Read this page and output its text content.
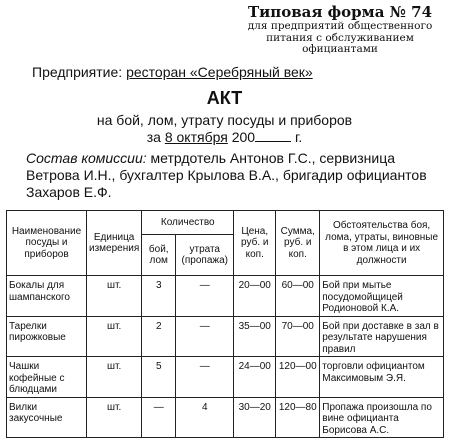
Типовая форма № 74
для предприятий общественного
питания с обслуживанием
официантами
Предприятие: ресторан «Серебряный век»
АКТ
на бой, лом, утрату посуды и приборов
за 8 октября 200	г.
Состав комиссии: метрдотель Антонов Г.С., сервизница Ветрова И.Н., бухгалтер Крылова В.А., бригадир официантов Захаров Е.Ф.
Наименование посуды и приборов	Единица измерения	Количество		Цена, руб. и коп.	Сумма, руб. и коп.	Обстоятельства боя, лома, утраты, виновные в этом лица и их должности
		бой, лом	утрата (пропажа)			
Бокалы для шампанского	шт.	3	—	20—00	60—00	Бой при мытье посудомойщицей Родионовой К.А.
Тарелки пирожковые	шт.	2	—	35—00	70—00	Бой при доставке в зал в результате нарушения правил
Чашки кофейные с блюдцами	шт.	5	—	24—00	120—00	торговли официантом Максимовым Э.Я.
Вилки закусочные	шт.	—	4	30—20	120—80	Пропажа произошла по вине официанта Борисова А.С.
